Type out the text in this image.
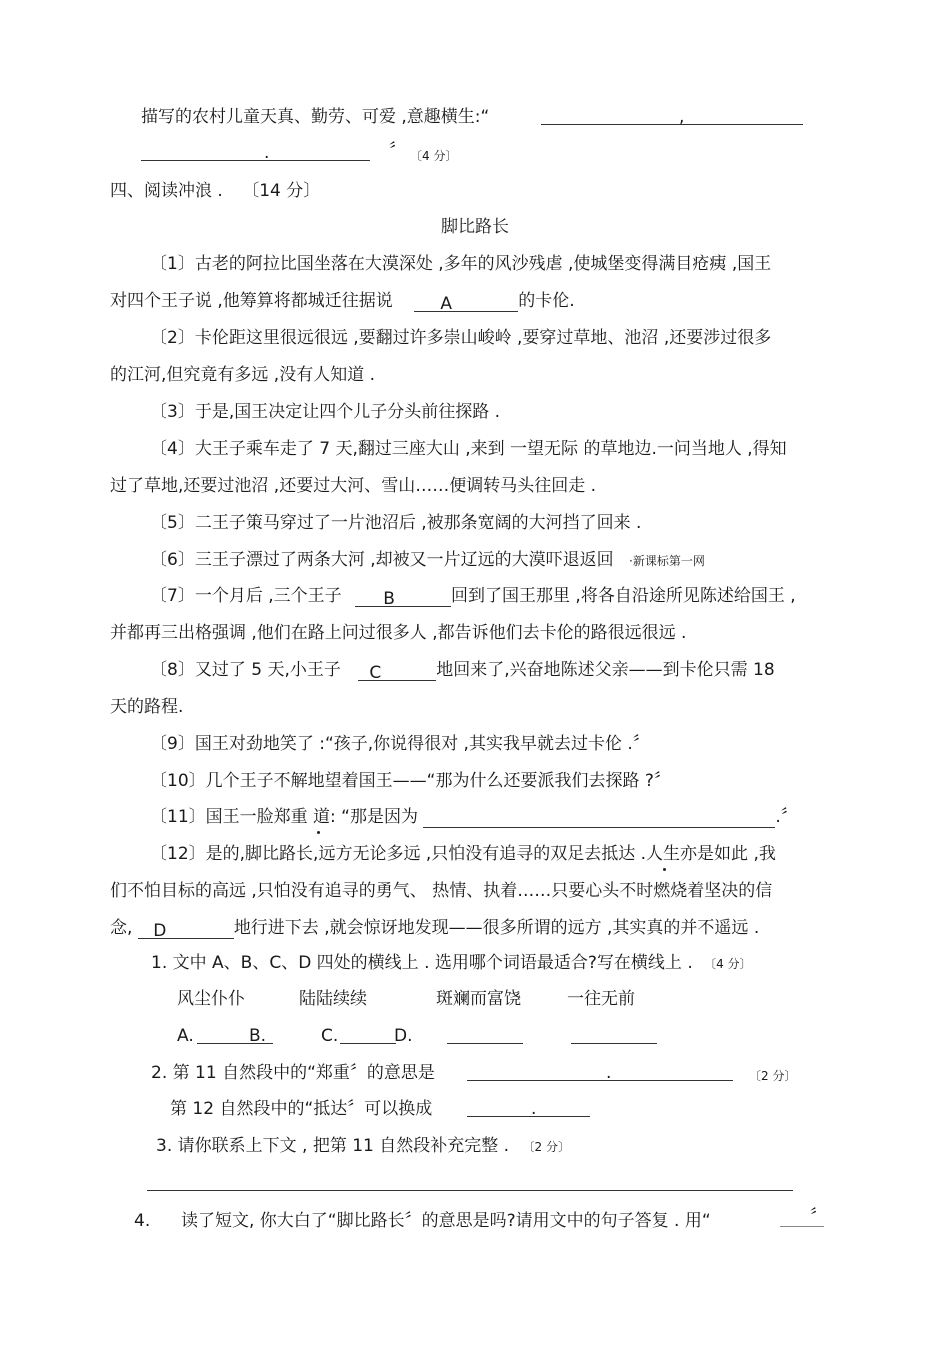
描写的农村儿童天真、勤劳、可爱 ,意趣横生:“	,
.	〞 〔4 分〕
四、阅读冲浪 . 〔14 分〕
脚比路长
〔1〕古老的阿拉比国坐落在大漠深处 ,多年的风沙残虐 ,使城堡变得满目疮痍 ,国王
对四个王子说 ,他筹算将都城迁往据说	A	的卡伦.
〔2〕卡伦距这里很远很远 ,要翻过许多崇山峻岭 ,要穿过草地、池沼 ,还要涉过很多
的江河,但究竟有多远 ,没有人知道 .
〔3〕于是,国王决定让四个儿子分头前往探路 .
〔4〕大王子乘车走了 7 天,翻过三座大山 ,来到 一望无际 的草地边.一问当地人 ,得知
过了草地,还要过池沼 ,还要过大河、雪山……便调转马头往回走 .
〔5〕二王子策马穿过了一片池沼后 ,被那条宽阔的大河挡了回来 .
〔6〕三王子漂过了两条大河 ,却被又一片辽远的大漠吓退返回 ·新课标第一网
〔7〕一个月后 ,三个王子 B	回到了国王那里 ,将各自沿途所见陈述给国王 ,
并都再三出格强调 ,他们在路上问过很多人 ,都告诉他们去卡伦的路很远很远 .
〔8〕又过了 5 天,小王子 C	地回来了,兴奋地陈述父亲——到卡伦只需 18
天的路程.
〔9〕国王对劲地笑了 :“孩子,你说得很对 ,其实我早就去过卡伦 .〞
〔10〕几个王子不解地望着国王——“那为什么还要派我们去探路 ?〞
〔11〕国王一脸郑重 道: “那是因为	.〞
〔12〕是的,脚比路长,远方无论多远 ,只怕没有追寻的双足去抵达 .人生亦是如此 ,我
们不怕目标的高远 ,只怕没有追寻的勇气、 热情、执着……只要心头不时燃烧着坚决的信
念, D	地行进下去 ,就会惊讶地发现——很多所谓的远方 ,其实真的并不遥远 .
1. 文中 A、B、C、D 四处的横线上 . 选用哪个词语最适合?写在横线上 . 〔4 分〕
风尘仆仆	陆陆续续	斑斓而富饶	一往无前
A.	B.	C.	D.
2. 第 11 自然段中的“郑重〞的意思是	.	〔2 分〕
第 12 自然段中的“抵达〞可以换成	.
3. 请你联系上下文 , 把第 11 自然段补充完整 . 〔2 分〕
4. 读了短文, 你大白了“脚比路长〞的意思是吗?请用文中的句子答复 . 用“	〞
